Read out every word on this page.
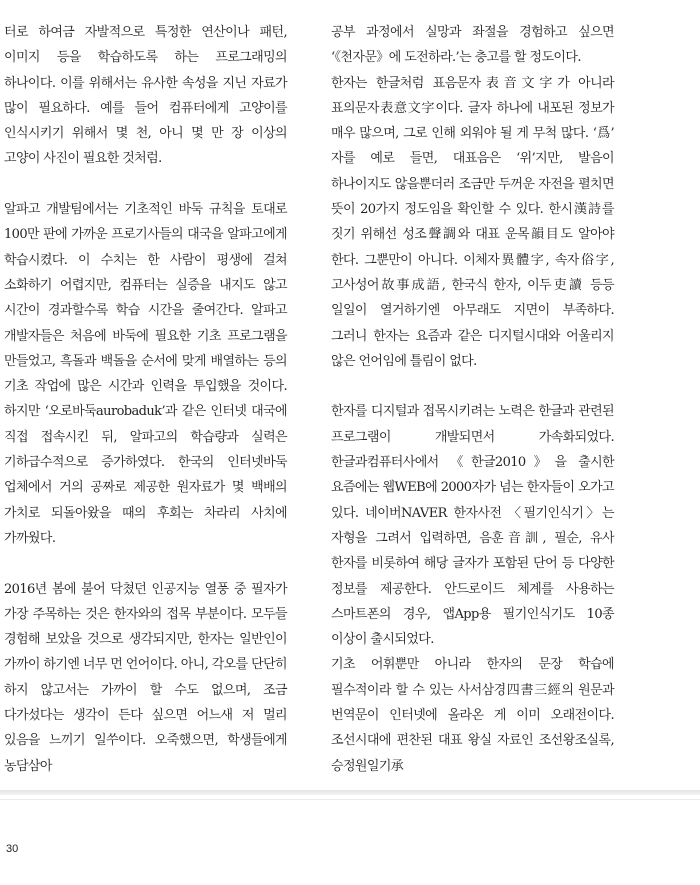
터로 하여금 자발적으로 특정한 연산이나 패턴, 이미지 등을 학습하도록 하는 프로그래밍의 하나이다. 이를 위해서는 유사한 속성을 지닌 자료가 많이 필요하다. 예를 들어 컴퓨터에게 고양이를 인식시키기 위해서 몇 천, 아니 몇 만 장 이상의 고양이 사진이 필요한 것처럼.

알파고 개발팀에서는 기초적인 바둑 규칙을 토대로 100만 판에 가까운 프로기사들의 대국을 알파고에게 학습시켰다. 이 수치는 한 사람이 평생에 걸쳐 소화하기 어렵지만, 컴퓨터는 실증을 내지도 않고 시간이 경과할수록 학습 시간을 줄여간다. 알파고 개발자들은 처음에 바둑에 필요한 기초 프로그램을 만들었고, 흑돌과 백돌을 순서에 맞게 배열하는 등의 기초 작업에 많은 시간과 인력을 투입했을 것이다. 하지만 ‘오로바둑aurobaduk’과 같은 인터넷 대국에 직접 접속시킨 뒤, 알파고의 학습량과 실력은 기하급수적으로 증가하였다. 한국의 인터넷바둑 업체에서 거의 공짜로 제공한 원자료가 몇 백배의 가치로 되돌아왔을 때의 후회는 차라리 사치에 가까웠다.

2016년 봄에 불어 닥쳤던 인공지능 열풍 중 필자가 가장 주목하는 것은 한자와의 접목 부분이다. 모두들 경험해 보았을 것으로 생각되지만, 한자는 일반인이 가까이 하기엔 너무 먼 언어이다. 아니, 각오를 단단히 하지 않고서는 가까이 할 수도 없으며, 조금 다가섰다는 생각이 든다 싶으면 어느새 저 멀리 있음을 느끼기 일쑤이다. 오죽했으면, 학생들에게 농담삼아

공부 과정에서 실망과 좌절을 경험하고 싶으면 ‘《천자문》에 도전하라.’는 충고를 할 정도이다.

한자는 한글처럼 표음문자表音文字가 아니라 표의문자表意文字이다. 글자 하나에 내포된 정보가 매우 많으며, 그로 인해 외워야 될 게 무척 많다. ‘爲’ 자를 예로 들면, 대표음은 ‘위’지만, 발음이 하나이지도 않을뿐더러 조금만 두꺼운 자전을 펼치면 뜻이 20가지 정도임을 확인할 수 있다. 한시漢詩를 짓기 위해선 성조聲調와 대표 운목韻目도 알아야 한다. 그뿐만이 아니다. 이체자異體字, 속자俗字, 고사성어故事成語, 한국식 한자, 이두吏讀 등등 일일이 열거하기엔 아무래도 지면이 부족하다. 그러니 한자는 요즘과 같은 디지털시대와 어울리지 않은 언어임에 틀림이 없다.

한자를 디지털과 접목시키려는 노력은 한글과 관련된 프로그램이 개발되면서 가속화되었다. 한글과컴퓨터사에서 《한글2010》을 출시한 요즘에는 웹WEB에 2000자가 넘는 한자들이 오가고 있다. 네이버NAVER 한자사전 〈필기인식기〉는 자형을 그려서 입력하면, 음훈音訓, 필순, 유사 한자를 비롯하여 해당 글자가 포함된 단어 등 다양한 정보를 제공한다. 안드로이드 체계를 사용하는 스마트폰의 경우, 앱App용 필기인식기도 10종 이상이 출시되었다.

기초 어휘뿐만 아니라 한자의 문장 학습에 필수적이라 할 수 있는 사서삼경四書三經의 원문과 번역문이 인터넷에 올라온 게 이미 오래전이다. 조선시대에 편찬된 대표 왕실 자료인 조선왕조실록, 승정원일기承

30
